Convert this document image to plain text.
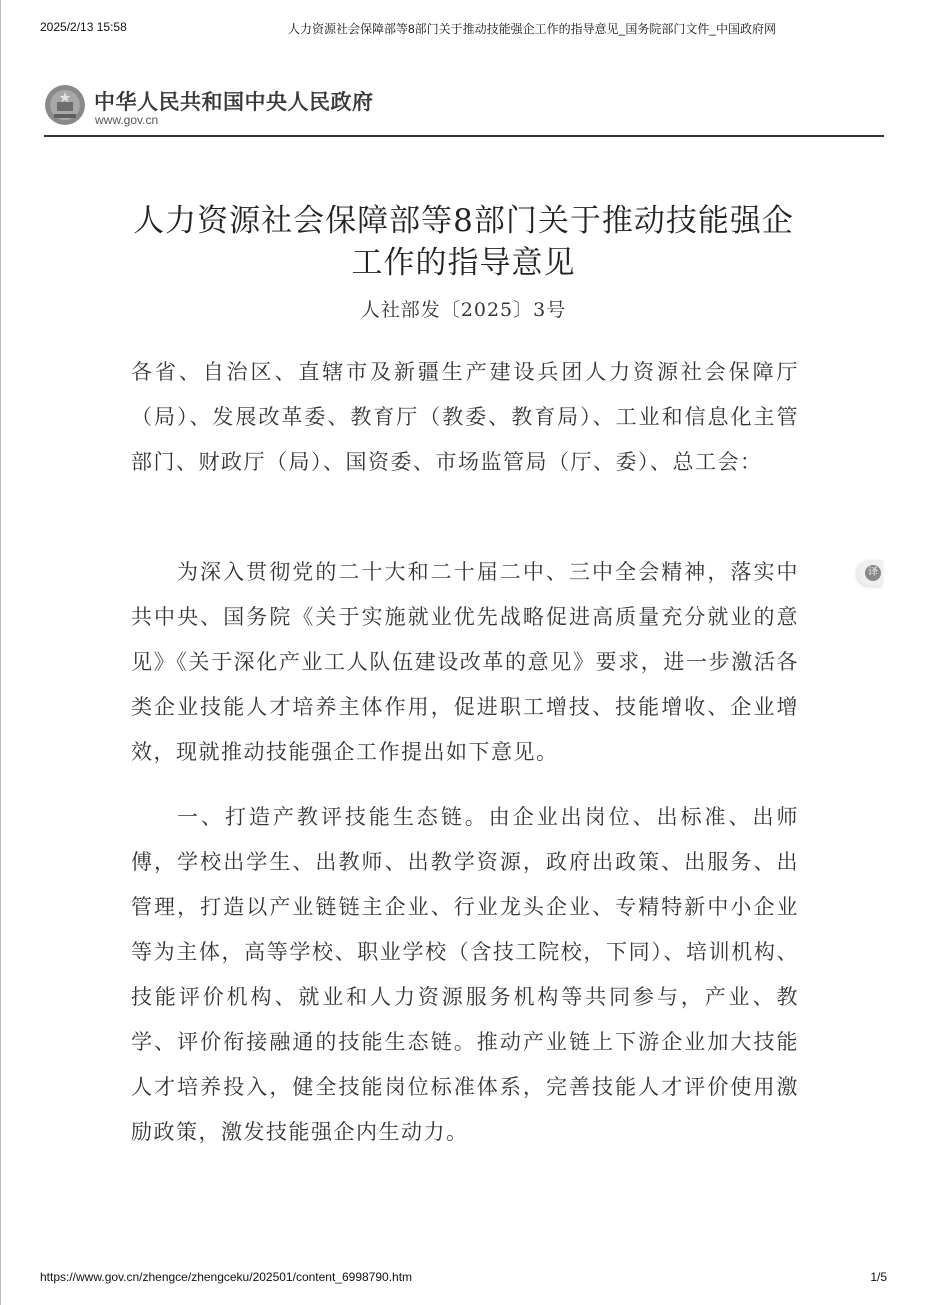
2025/2/13 15:58	人力资源社会保障部等8部门关于推动技能强企工作的指导意见_国务院部门文件_中国政府网
中华人民共和国中央人民政府
www.gov.cn
人力资源社会保障部等8部门关于推动技能强企
工作的指导意见
人社部发〔2025〕3号
各省、自治区、直辖市及新疆生产建设兵团人力资源社会保障厅（局）、发展改革委、教育厅（教委、教育局）、工业和信息化主管部门、财政厅（局）、国资委、市场监管局（厅、委）、总工会：
为深入贯彻党的二十大和二十届二中、三中全会精神，落实中共中央、国务院《关于实施就业优先战略促进高质量充分就业的意见》《关于深化产业工人队伍建设改革的意见》要求，进一步激活各类企业技能人才培养主体作用，促进职工增技、技能增收、企业增效，现就推动技能强企工作提出如下意见。
一、打造产教评技能生态链。由企业出岗位、出标准、出师傅，学校出学生、出教师、出教学资源，政府出政策、出服务、出管理，打造以产业链链主企业、行业龙头企业、专精特新中小企业等为主体，高等学校、职业学校（含技工院校，下同）、培训机构、技能评价机构、就业和人力资源服务机构等共同参与，产业、教学、评价衔接融通的技能生态链。推动产业链上下游企业加大技能人才培养投入，健全技能岗位标准体系，完善技能人才评价使用激励政策，激发技能强企内生动力。
译
https://www.gov.cn/zhengce/zhengceku/202501/content_6998790.htm	1/5
